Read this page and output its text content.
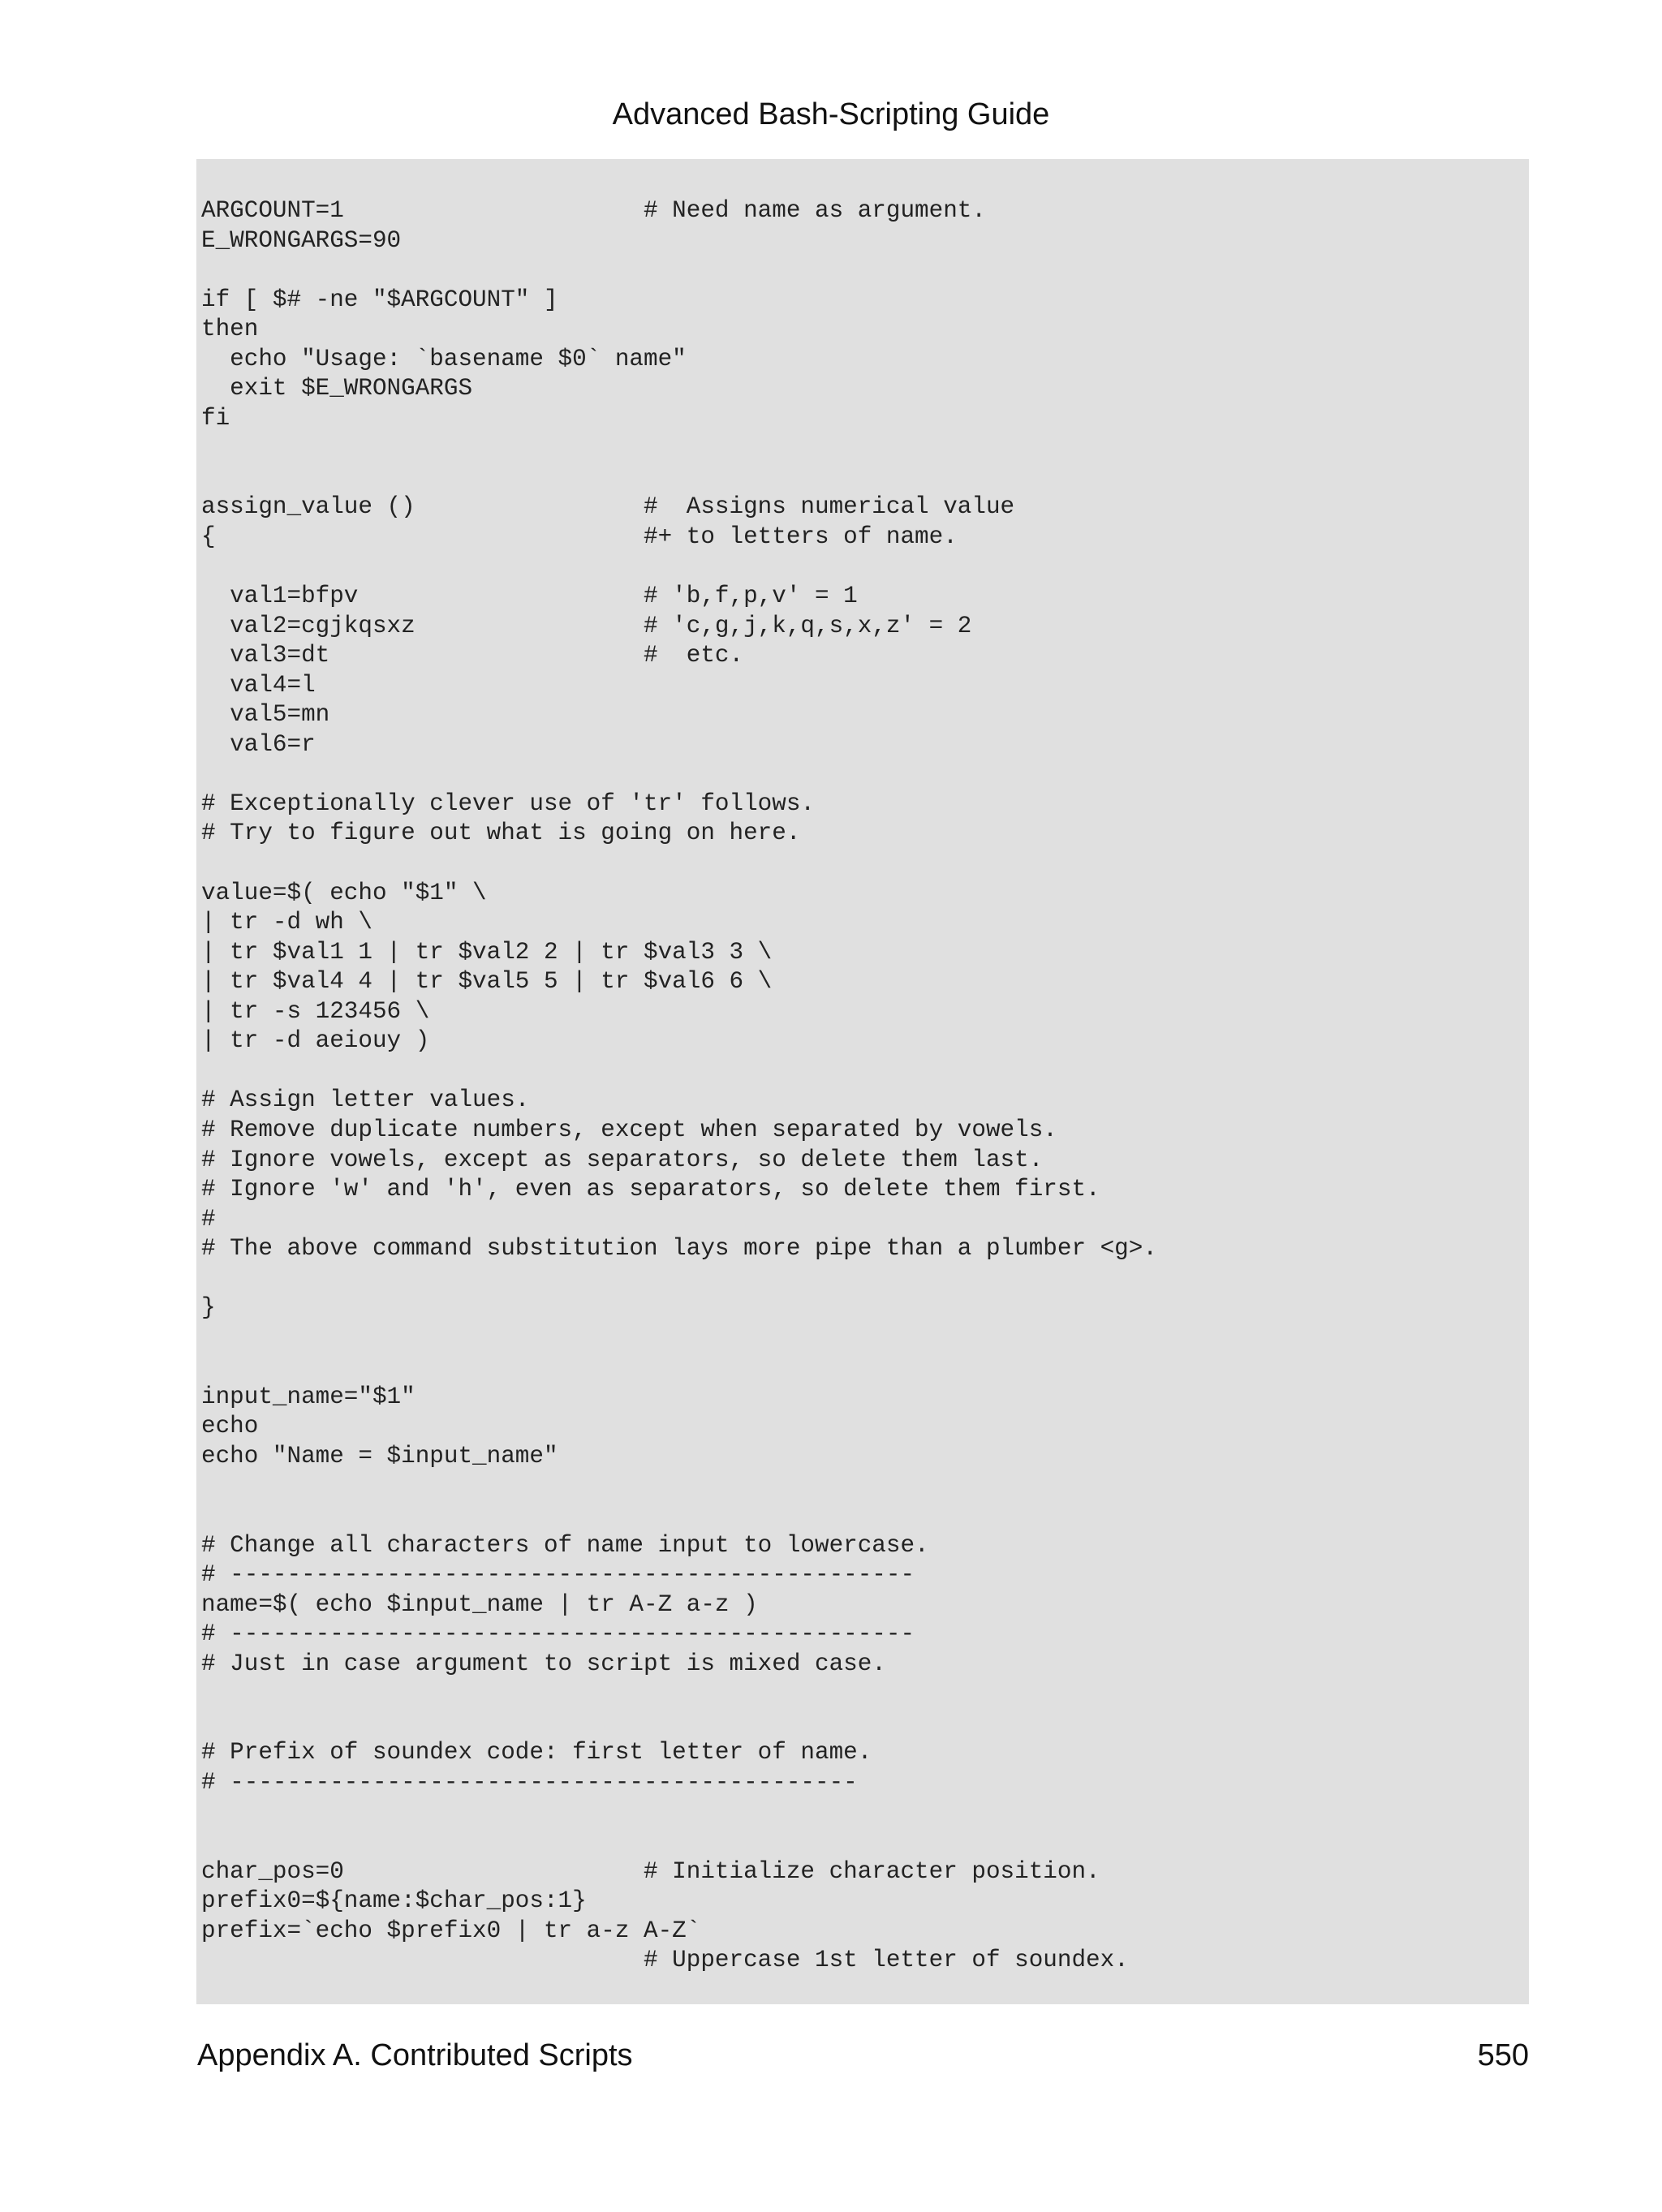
Advanced Bash-Scripting Guide
ARGCOUNT=1                     # Need name as argument.
E_WRONGARGS=90

if [ $# -ne "$ARGCOUNT" ]
then
echo "Usage: `basename $0` name"
exit $E_WRONGARGS
fi

assign_value ()                #  Assigns numerical value
{                              #+ to letters of name.

val1=bfpv                    # 'b,f,p,v' = 1
val2=cgjkqsxz                # 'c,g,j,k,q,s,x,z' = 2
val3=dt                      #  etc.
val4=l
val5=mn
val6=r

# Exceptionally clever use of 'tr' follows.
# Try to figure out what is going on here.

value=$( echo "$1" \
| tr -d wh \
| tr $val1 1 | tr $val2 2 | tr $val3 3 \
| tr $val4 4 | tr $val5 5 | tr $val6 6 \
| tr -s 123456 \
| tr -d aeiouy )

# Assign letter values.
# Remove duplicate numbers, except when separated by vowels.
# Ignore vowels, except as separators, so delete them last.
# Ignore 'w' and 'h', even as separators, so delete them first.
#
# The above command substitution lays more pipe than a plumber <g>.

}

input_name="$1"
echo
echo "Name = $input_name"

# Change all characters of name input to lowercase.
# ------------------------------------------------
name=$( echo $input_name | tr A-Z a-z )
# ------------------------------------------------
# Just in case argument to script is mixed case.

# Prefix of soundex code: first letter of name.
# --------------------------------------------

char_pos=0                     # Initialize character position.
prefix0=${name:$char_pos:1}
prefix=`echo $prefix0 | tr a-z A-Z`
# Uppercase 1st letter of soundex.

Appendix A. Contributed Scripts	550
